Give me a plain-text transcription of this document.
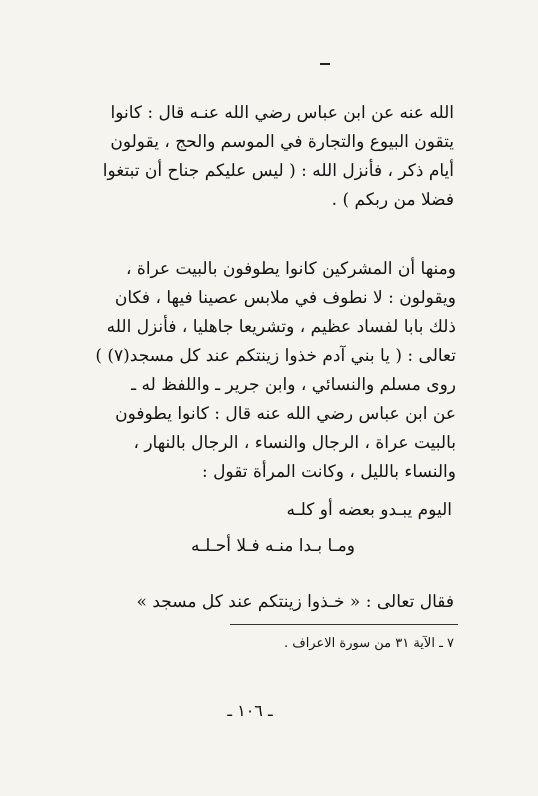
الله عنه عن ابن عباس رضي الله عنـه قال : كانوا
يتقون البيوع والتجارة في الموسم والحج ، يقولون
أيام ذكر ، فأنزل الله : ( ليس عليكم جناح أن تبتغوا
فضلا من ربكم ) .
ومنها أن المشركين كانوا يطوفون بالبيت عراة ،
ويقولون : لا نطوف في ملابس عصينا فيها ، فكان
ذلك بابا لفساد عظيم ، وتشريعا جاهليا ، فأنزل الله
تعالى : ( يا بني آدم خذوا زينتكم عند كل مسجد(٧) )
روى مسلم والنسائي ، وابن جرير ـ واللفظ له ـ
عن ابن عباس رضي الله عنه قال : كانوا يطوفون
بالبيت عراة ، الرجال والنساء ، الرجال بالنهار ،
والنساء بالليل ، وكانت المرأة تقول :
اليوم يبـدو بعضه أو كلـه
ومـا بـدا منـه فـلا أحـلـه
فقال تعالى : « خـذوا زينتكم عند كل مسجد »
٧ ـ الآية ٣١ من سورة الاعراف .
ـ ١٠٦ ـ
